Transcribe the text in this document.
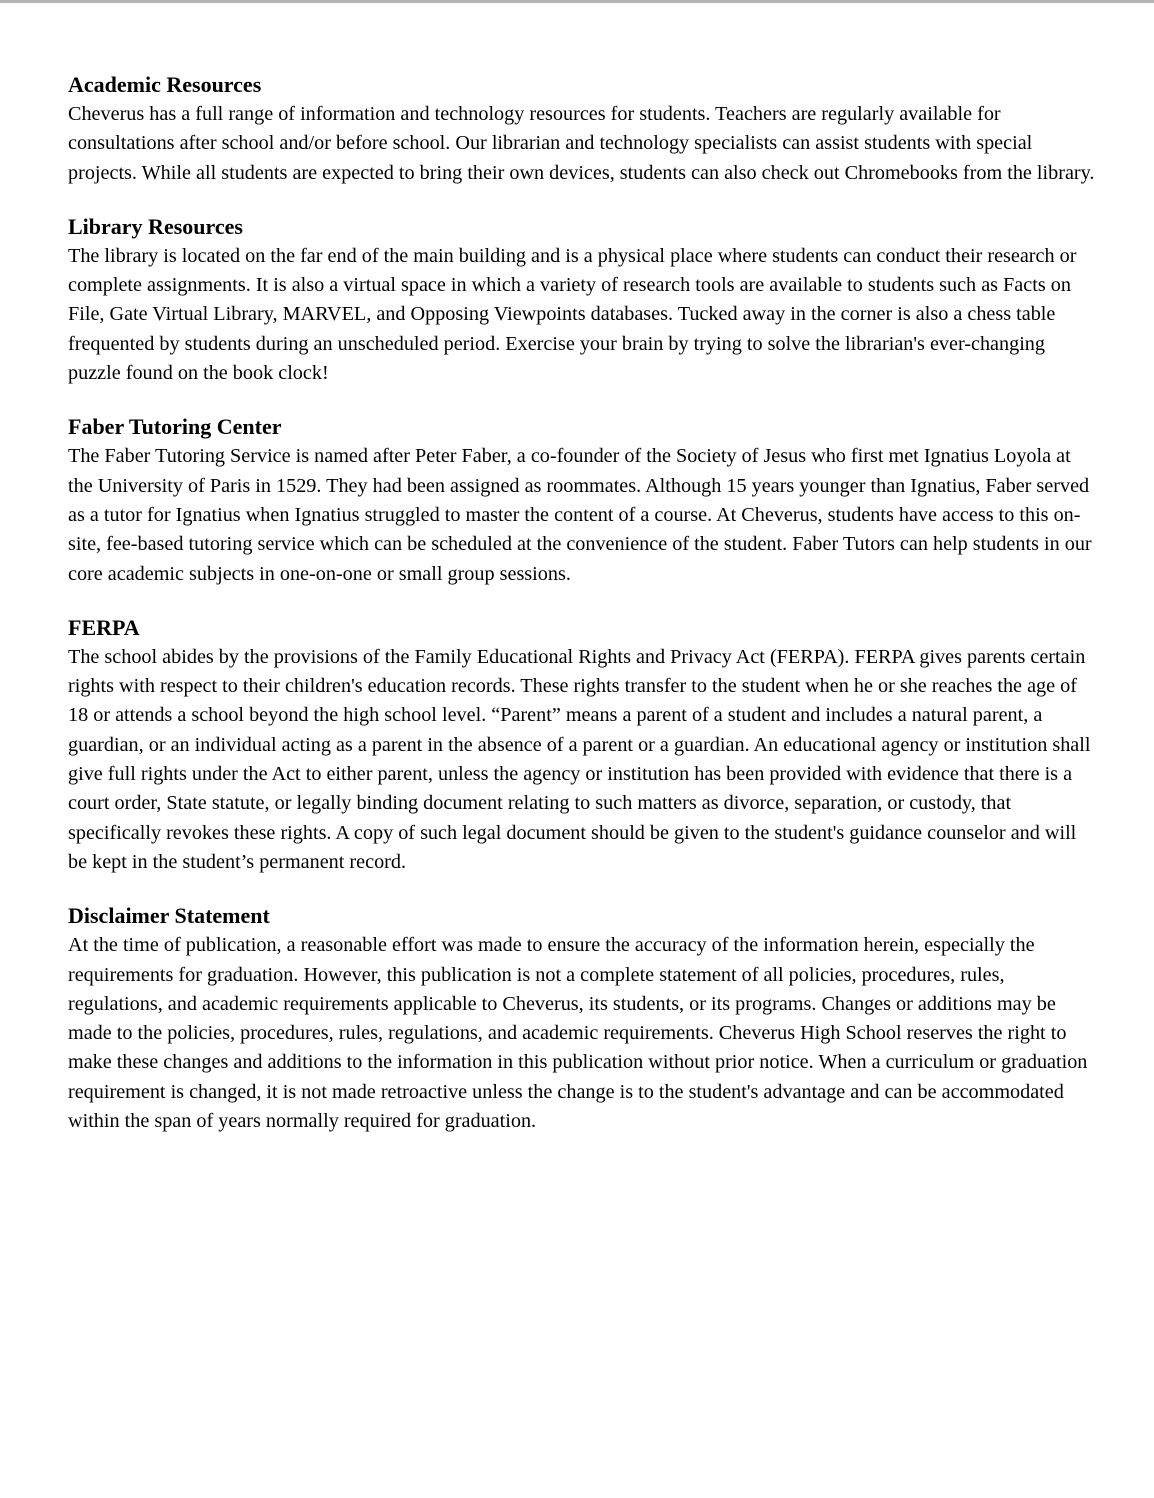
Academic Resources

Cheverus has a full range of information and technology resources for students. Teachers are regularly available for consultations after school and/or before school. Our librarian and technology specialists can assist students with special projects. While all students are expected to bring their own devices, students can also check out Chromebooks from the library.

Library Resources

The library is located on the far end of the main building and is a physical place where students can conduct their research or complete assignments. It is also a virtual space in which a variety of research tools are available to students such as Facts on File, Gate Virtual Library, MARVEL, and Opposing Viewpoints databases. Tucked away in the corner is also a chess table frequented by students during an unscheduled period. Exercise your brain by trying to solve the librarian's ever-changing puzzle found on the book clock!

Faber Tutoring Center

The Faber Tutoring Service is named after Peter Faber, a co-founder of the Society of Jesus who first met Ignatius Loyola at the University of Paris in 1529. They had been assigned as roommates. Although 15 years younger than Ignatius, Faber served as a tutor for Ignatius when Ignatius struggled to master the content of a course. At Cheverus, students have access to this on-site, fee-based tutoring service which can be scheduled at the convenience of the student. Faber Tutors can help students in our core academic subjects in one-on-one or small group sessions.

FERPA

The school abides by the provisions of the Family Educational Rights and Privacy Act (FERPA). FERPA gives parents certain rights with respect to their children's education records. These rights transfer to the student when he or she reaches the age of 18 or attends a school beyond the high school level. “Parent” means a parent of a student and includes a natural parent, a guardian, or an individual acting as a parent in the absence of a parent or a guardian. An educational agency or institution shall give full rights under the Act to either parent, unless the agency or institution has been provided with evidence that there is a court order, State statute, or legally binding document relating to such matters as divorce, separation, or custody, that specifically revokes these rights. A copy of such legal document should be given to the student's guidance counselor and will be kept in the student’s permanent record.

Disclaimer Statement

At the time of publication, a reasonable effort was made to ensure the accuracy of the information herein, especially the requirements for graduation. However, this publication is not a complete statement of all policies, procedures, rules, regulations, and academic requirements applicable to Cheverus, its students, or its programs. Changes or additions may be made to the policies, procedures, rules, regulations, and academic requirements. Cheverus High School reserves the right to make these changes and additions to the information in this publication without prior notice. When a curriculum or graduation requirement is changed, it is not made retroactive unless the change is to the student's advantage and can be accommodated within the span of years normally required for graduation.
